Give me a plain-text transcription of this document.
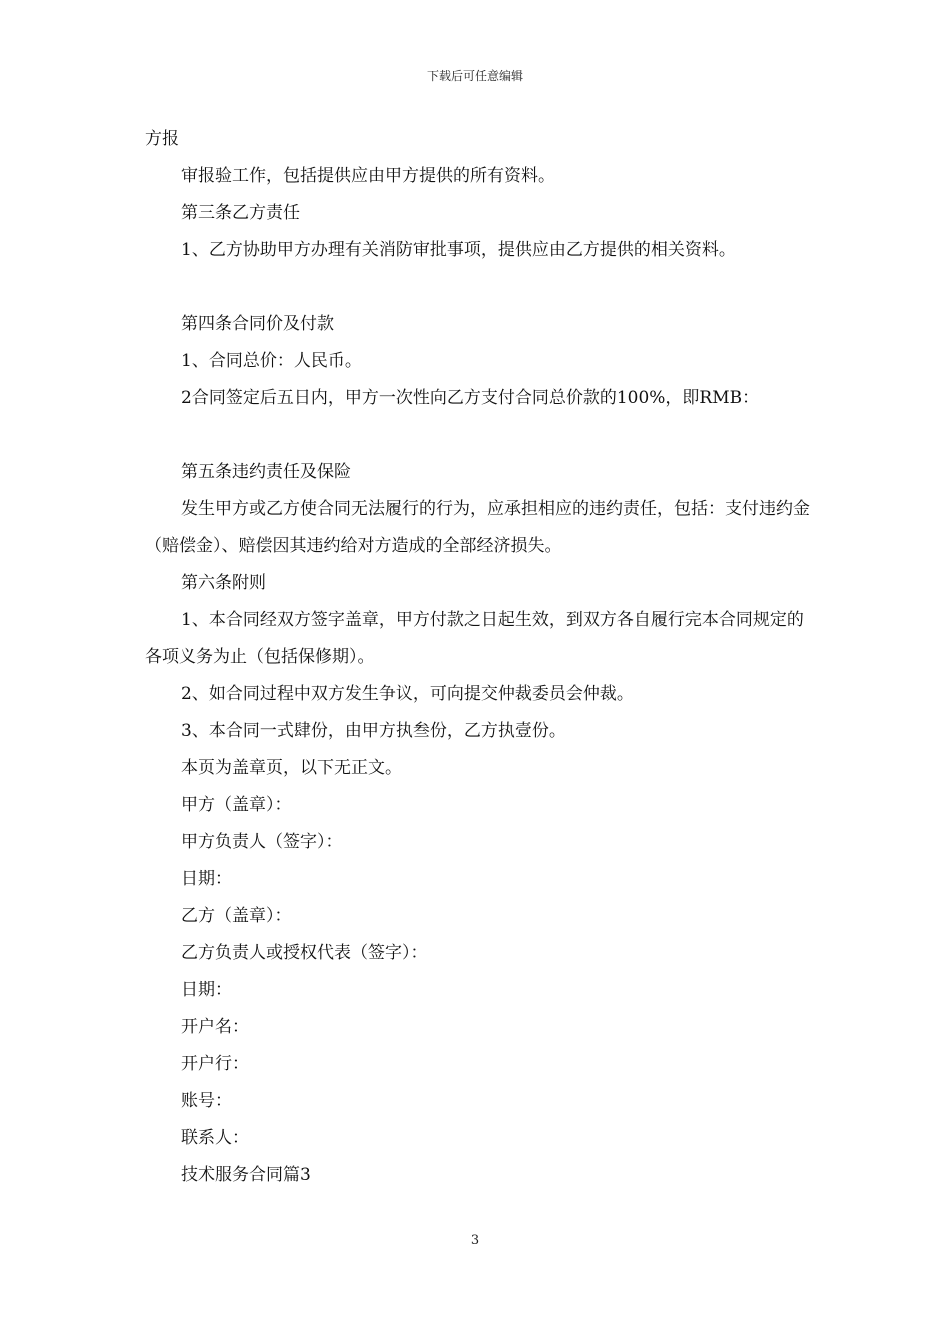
下载后可任意编辑

方报

审报验工作，包括提供应由甲方提供的所有资料。

第三条乙方责任

1、乙方协助甲方办理有关消防审批事项，提供应由乙方提供的相关资料。

第四条合同价及付款

1、合同总价：人民币。

2合同签定后五日内，甲方一次性向乙方支付合同总价款的100%，即RMB：

第五条违约责任及保险

发生甲方或乙方使合同无法履行的行为，应承担相应的违约责任，包括：支付违约金（赔偿金）、赔偿因其违约给对方造成的全部经济损失。

第六条附则

1、本合同经双方签字盖章，甲方付款之日起生效，到双方各自履行完本合同规定的各项义务为止（包括保修期）。

2、如合同过程中双方发生争议，可向提交仲裁委员会仲裁。

3、本合同一式肆份，由甲方执叁份，乙方执壹份。

本页为盖章页，以下无正文。

甲方（盖章）：

甲方负责人（签字）：

日期：

乙方（盖章）：

乙方负责人或授权代表（签字）：

日期：

开户名：

开户行：

账号：

联系人：

技术服务合同篇3

3
